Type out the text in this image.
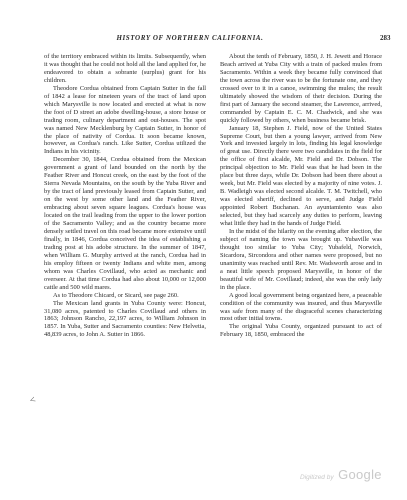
HISTORY OF NORTHERN CALIFORNIA.	283

of the territory embraced within its limits. Subsequently, when it was thought that he could not hold all the land applied for, he endeavored to obtain a sobrante (surplus) grant for his children.

Theodore Cordua obtained from Captain Sutter in the fall of 1842 a lease for nineteen years of the tract of land upon which Marysville is now located and erected at what is now the foot of D street an adobe dwelling-house, a store house or trading room, culinary department and out-houses. The spot was named New Mecklenburg by Captain Sutter, in honor of the place of nativity of Cordua. It soon became known, however, as Cordua's ranch. Like Sutter, Cordua utilized the Indians in his vicinity.

December 30, 1844, Cordua obtained from the Mexican government a grant of land bounded on the north by the Feather River and Honcut creek, on the east by the foot of the Sierra Nevada Mountains, on the south by the Yuba River and by the tract of land previously leased from Captain Sutter, and on the west by some other land and the Feather River, embracing about seven square leagues. Cordua's house was located on the trail leading from the upper to the lower portion of the Sacramento Valley; and as the country became more densely settled travel on this road became more extensive until finally, in 1846, Cordua conceived the idea of establishing a trading post at his adobe structure. In the summer of 1847, when William G. Murphy arrived at the ranch, Cordua had in his employ fifteen or twenty Indians and white men, among whom was Charles Covillaud, who acted as mechanic and overseer. At that time Cordua had also about 10,000 or 12,000 cattle and 500 wild mares.

As to Theodore Chicard, or Sicard, see page 260.

The Mexican land grants in Yuba County were: Honcut, 31,080 acres, patented to Charles Covillaud and others in 1863; Johnson Rancho, 22,197 acres, to William Johnson in 1857. In Yuba, Sutter and Sacramento counties: New Helvetia, 48,839 acres, to John A. Sutter in 1866.

About the tenth of February, 1850, J. H. Jewett and Horace Beach arrived at Yuba City with a train of packed mules from Sacramento. Within a week they became fully convinced that the town across the river was to be the fortunate one, and they crossed over to it in a canoe, swimming the mules; the result ultimately showed the wisdom of their decision. During the first part of January the second steamer, the Lawrence, arrived, commanded by Captain E. C. M. Chadwick, and she was quickly followed by others, when business became brisk.

January 18, Stephen J. Field, now of the United States Supreme Court, but then a young lawyer, arrived from New York and invested largely in lots, finding his legal knowledge of great use. Directly there were two candidates in the field for the office of first alcalde, Mr. Field and Dr. Dobson. The principal objection to Mr. Field was that he had been in the place but three days, while Dr. Dobson had been there about a week, but Mr. Field was elected by a majority of nine votes. J. B. Wadleigh was elected second alcalde. T. M. Twitchell, who was elected sheriff, declined to serve, and Judge Field appointed Robert Buchanan. An ayuntamiento was also selected, but they had scarcely any duties to perform, leaving what little they had in the hands of Judge Field.

In the midst of the hilarity on the evening after election, the subject of naming the town was brought up. Yubaville was thought too similar to Yuba City; Yubafeld, Norwich, Sicardora, Sircondora and other names were proposed, but no unanimity was reached until Rev. Mr. Wadsworth arose and in a neat little speech proposed Marysville, in honor of the beautiful wife of Mr. Covillaud; indeed, she was the only lady in the place.

A good local government being organized here, a peaceable condition of the community was insured, and thus Marysville was safe from many of the disgraceful scenes characterizing most other initial towns.

The original Yuba County, organized pursuant to act of February 18, 1850, embraced the

<
Digitized by Google
